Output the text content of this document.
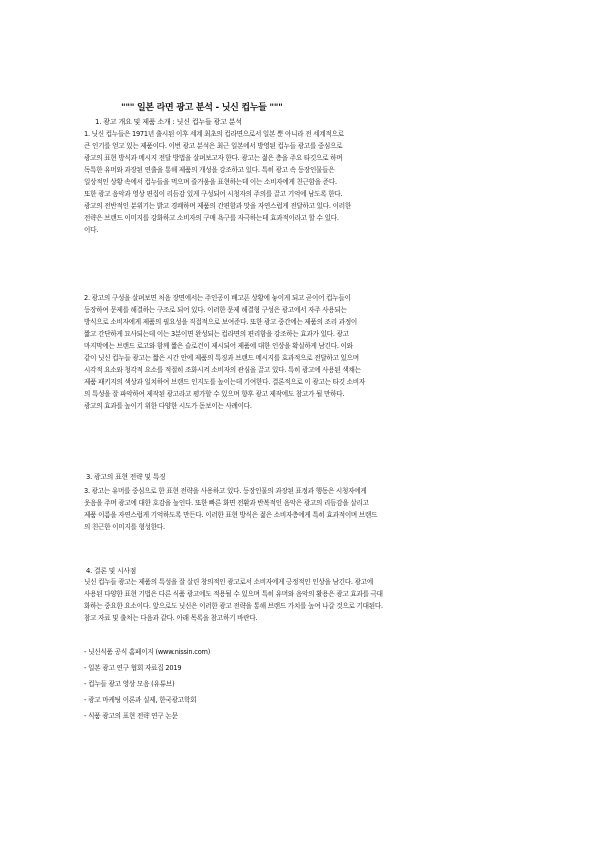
""" 일본 라면 광고 분석 - 닛신 컵누들 """
1. 광고 개요 및 제품 소개 : 닛신 컵누들 광고 분석
1. 닛신 컵누들은 1971년 출시된 이후 세계 최초의 컵라면으로서 일본 뿐 아니라 전 세계적으로
큰 인기를 얻고 있는 제품이다. 이번 광고 분석은 최근 일본에서 방영된 컵누들 광고를 중심으로
광고의 표현 방식과 메시지 전달 방법을 살펴보고자 한다. 광고는 젊은 층을 주요 타깃으로 하며
독특한 유머와 과장된 연출을 통해 제품의 개성을 강조하고 있다. 특히 광고 속 등장인물들은
일상적인 상황 속에서 컵누들을 먹으며 즐거움을 표현하는데 이는 소비자에게 친근함을 준다.
또한 광고 음악과 영상 편집이 리듬감 있게 구성되어 시청자의 주의를 끌고 기억에 남도록 한다.
광고의 전반적인 분위기는 밝고 경쾌하며 제품의 간편함과 맛을 자연스럽게 전달하고 있다. 이러한
전략은 브랜드 이미지를 강화하고 소비자의 구매 욕구를 자극하는데 효과적이라고 할 수 있다.
이다.
2. 광고의 구성을 살펴보면 처음 장면에서는 주인공이 배고픈 상황에 놓이게 되고 곧이어 컵누들이
등장하여 문제를 해결하는 구조로 되어 있다. 이러한 문제 해결형 구성은 광고에서 자주 사용되는
방식으로 소비자에게 제품의 필요성을 직접적으로 보여준다. 또한 광고 중간에는 제품의 조리 과정이
짧고 간단하게 묘사되는데 이는 3분이면 완성되는 컵라면의 편리함을 강조하는 효과가 있다. 광고
마지막에는 브랜드 로고와 함께 짧은 슬로건이 제시되어 제품에 대한 인상을 확실하게 남긴다. 이와
같이 닛신 컵누들 광고는 짧은 시간 안에 제품의 특징과 브랜드 메시지를 효과적으로 전달하고 있으며
시각적 요소와 청각적 요소를 적절히 조화시켜 소비자의 관심을 끌고 있다. 특히 광고에 사용된 색채는
제품 패키지의 색상과 일치하여 브랜드 인지도를 높이는데 기여한다. 결론적으로 이 광고는 타깃 소비자
의 특성을 잘 파악하여 제작된 광고라고 평가할 수 있으며 향후 광고 제작에도 참고가 될 만하다.
광고의 효과를 높이기 위한 다양한 시도가 돋보이는 사례이다.
3. 광고의 표현 전략 및 특징
3. 광고는 유머를 중심으로 한 표현 전략을 사용하고 있다. 등장인물의 과장된 표정과 행동은 시청자에게
웃음을 주며 광고에 대한 호감을 높인다. 또한 빠른 화면 전환과 반복적인 음악은 광고의 리듬감을 살리고
제품 이름을 자연스럽게 기억하도록 만든다. 이러한 표현 방식은 젊은 소비자층에게 특히 효과적이며 브랜드
의 친근한 이미지를 형성한다.
4. 결론 및 시사점
닛신 컵누들 광고는 제품의 특성을 잘 살린 창의적인 광고로서 소비자에게 긍정적인 인상을 남긴다. 광고에
사용된 다양한 표현 기법은 다른 식품 광고에도 적용될 수 있으며 특히 유머와 음악의 활용은 광고 효과를 극대
화하는 중요한 요소이다. 앞으로도 닛신은 이러한 광고 전략을 통해 브랜드 가치를 높여 나갈 것으로 기대된다.
참고 자료 및 출처는 다음과 같다. 아래 목록을 참고하기 바란다.
- 닛신식품 공식 홈페이지 (www.nissin.com)
- 일본 광고 연구 협회 자료집 2019
- 컵누들 광고 영상 모음 (유튜브)
- 광고 마케팅 이론과 실제, 한국광고학회
- 식품 광고의 표현 전략 연구 논문
